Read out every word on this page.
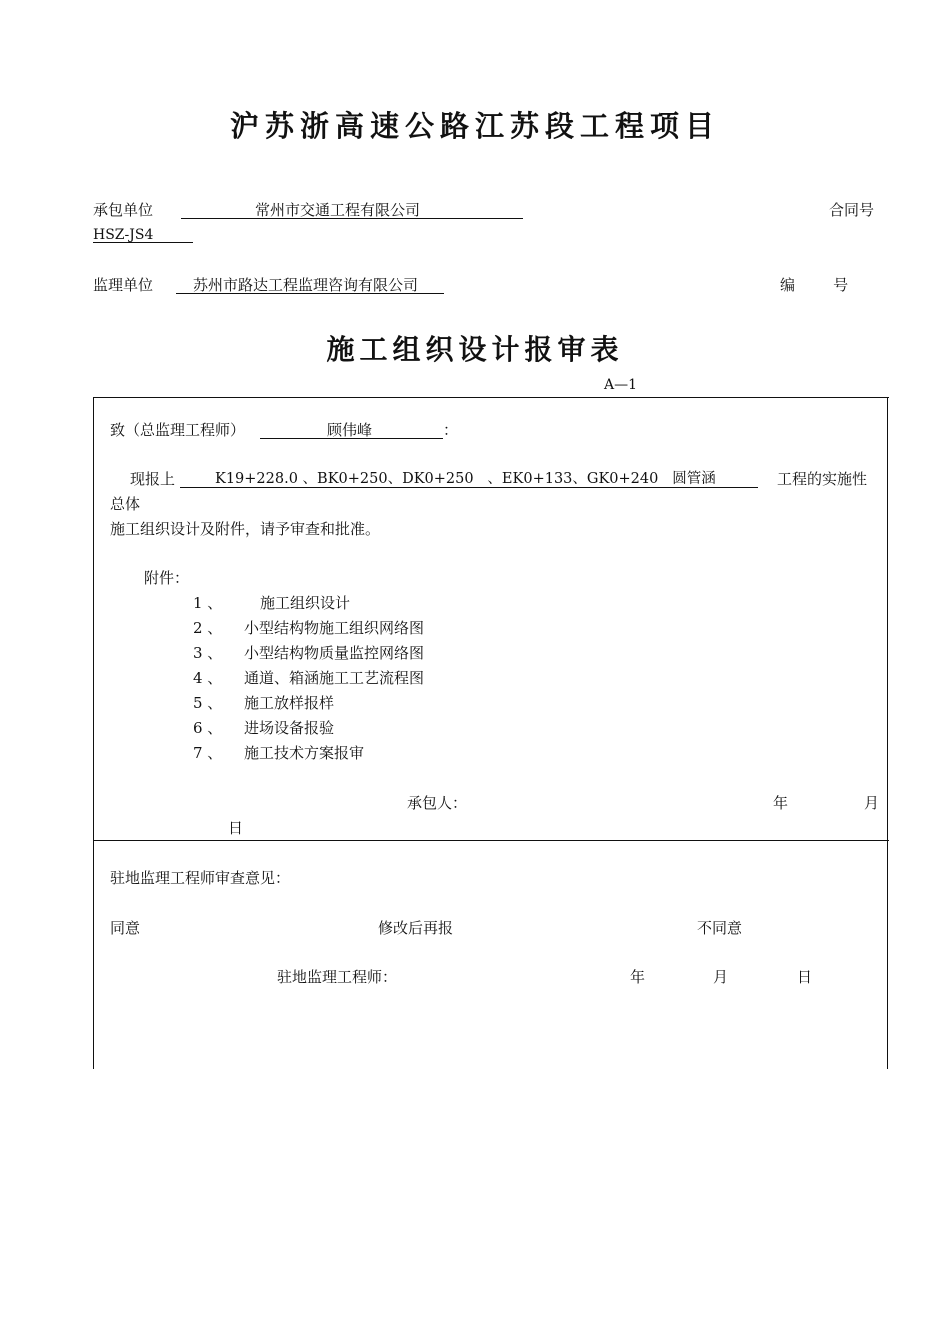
沪苏浙高速公路江苏段工程项目
承包单位	常州市交通工程有限公司	合同号
HSZ-JS4
监理单位	苏州市路达工程监理咨询有限公司	编        号
施工组织设计报审表
A—1
致（总监理工程师）	顾伟峰	：
现报上	K19+228.0 、BK0+250、DK0+250   、EK0+133、GK0+240   圆管涵	工程的实施性
总体
施工组织设计及附件，请予审查和批准。
附件：
1 、	施工组织设计
2 、 小型结构物施工组织网络图
3 、 小型结构物质量监控网络图
4 、 通道、箱涵施工工艺流程图
5 、 施工放样报样
6 、 进场设备报验
7 、 施工技术方案报审
承包人：	年	月
日
驻地监理工程师审查意见：
同意	修改后再报	不同意
驻地监理工程师：	年	月	日
